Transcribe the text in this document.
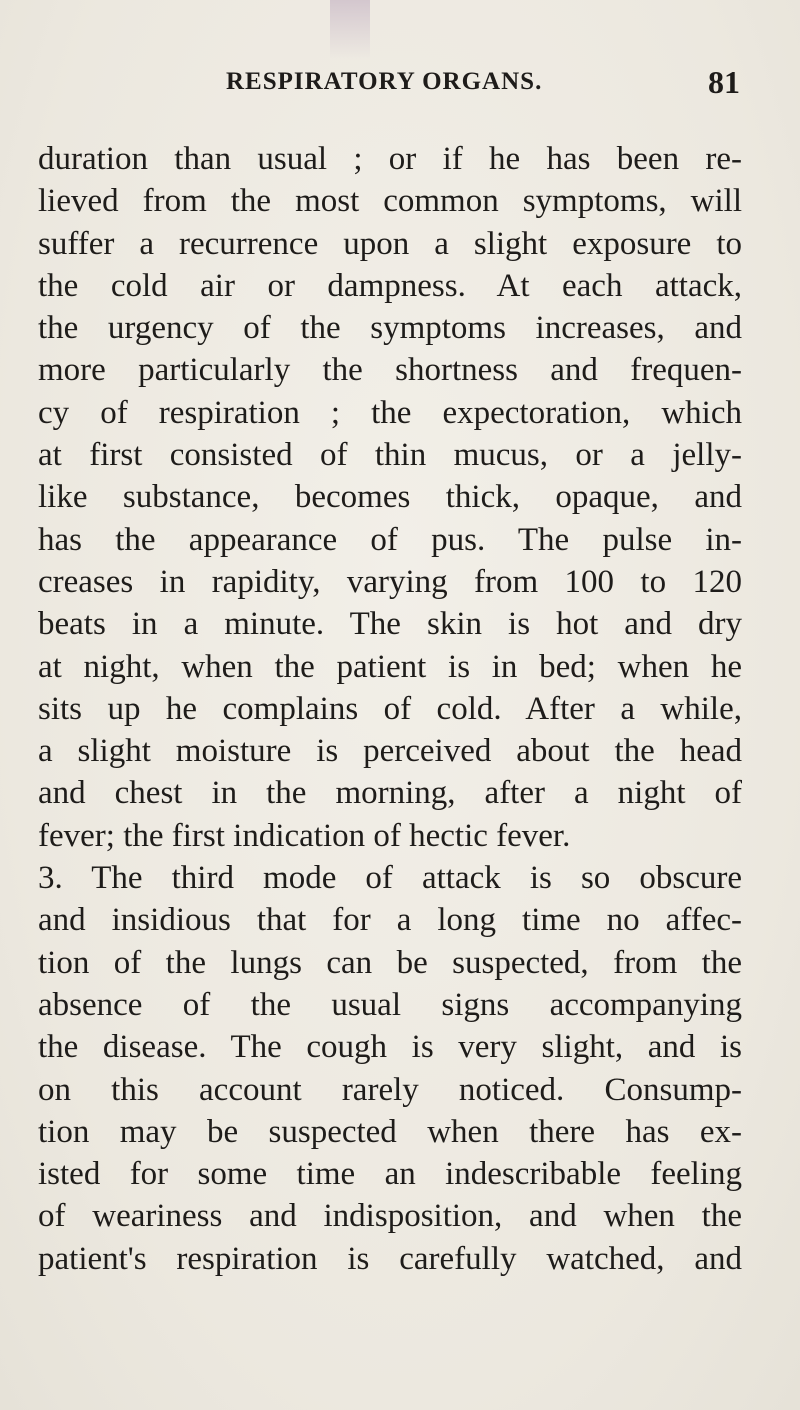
RESPIRATORY ORGANS.	81
duration than usual ; or if he has been re-
lieved from the most common symptoms, will
suffer a recurrence upon a slight exposure to
the cold air or dampness. At each attack,
the urgency of the symptoms increases, and
more particularly the shortness and frequen-
cy of respiration ; the expectoration, which
at first consisted of thin mucus, or a jelly-
like substance, becomes thick, opaque, and
has the appearance of pus. The pulse in-
creases in rapidity, varying from 100 to 120
beats in a minute. The skin is hot and dry
at night, when the patient is in bed; when he
sits up he complains of cold. After a while,
a slight moisture is perceived about the head
and chest in the morning, after a night of
fever; the first indication of hectic fever.
3. The third mode of attack is so obscure
and insidious that for a long time no affec-
tion of the lungs can be suspected, from the
absence of the usual signs accompanying
the disease. The cough is very slight, and is
on this account rarely noticed. Consump-
tion may be suspected when there has ex-
isted for some time an indescribable feeling
of weariness and indisposition, and when the
patient's respiration is carefully watched, and
